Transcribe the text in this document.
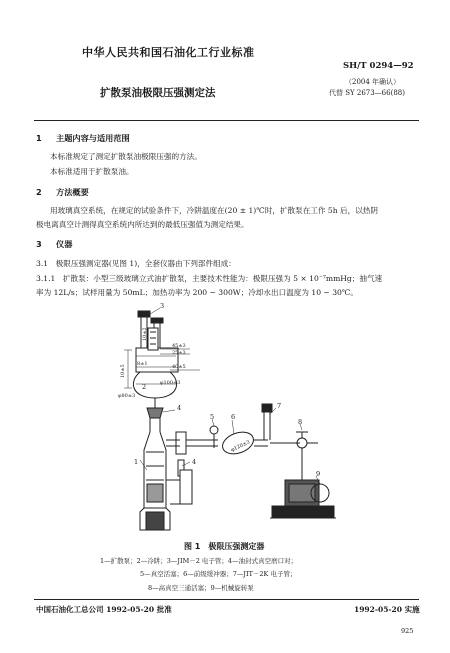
中华人民共和国石油化工行业标准
SH/T 0294—92
扩散泵油极限压强测定法
（2004 年确认）
代替 SY 2673—66(88)
1 主题内容与适用范围
本标准规定了测定扩散泵油极限压强的方法。
本标准适用于扩散泵油。
2 方法概要
用玻璃真空系统，在规定的试验条件下，冷阱温度在(20 ± 1)℃时，扩散泵在工作 5h 后，以热阴
极电离真空计测得真空系统内所达到的最低压强值为测定结果。
3 仪器
3.1　极限压强测定器(见图 1)，全套仪器由下列部件组成：
3.1.1　扩散泵：小型三级玻璃立式油扩散泵，主要技术性能为：极限压强为 5 × 10⁻⁷mmHg；抽气速
率为 12L/s；试样用量为 50mL；加热功率为 200 ~ 300W；冷却水出口温度为 10 ~ 30℃。
1
2
3
4
4
5	6
7
8
9
10±2
45±3
25±3
40±5
8±1
10±5
φ100±3
φ80±3
φ120±3
图 1　极限压强测定器
1—扩散泵；2—冷阱；3—JIM－2 电子管；4—油封式真空磨口对；
5—真空活塞；6—前级缓冲器；7—JIT－2K 电子管；
8—高真空三通活塞；9—机械旋转泵
中国石油化工总公司 1992-05-20 批准	1992-05-20 实施
925
